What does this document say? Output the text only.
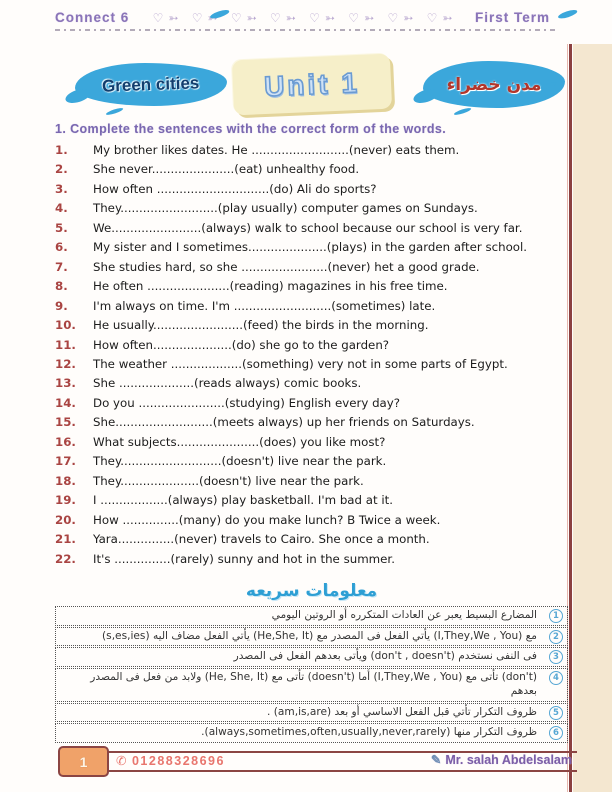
Connect 6 ♡➳ ♡➳ ♡➳ ♡➳ ♡➳ ♡➳ ♡➳ ♡➳ First Term
Green cities Unit 1	مدن خضراء
1. Complete the sentences with the correct form of the words.
1.	My brother likes dates. He ..........................(never) eats them.
2.	She never......................(eat) unhealthy food.
3.	How often ..............................(do) Ali do sports?
4.	They..........................(play usually) computer games on Sundays.
5.	We........................(always) walk to school because our school is very far.
6.	My sister and I sometimes.....................(plays) in the garden after school.
7.	She studies hard, so she .......................(never) het a good grade.
8.	He often ......................(reading) magazines in his free time.
9.	I'm always on time. I'm ..........................(sometimes) late.
10.	He usually........................(feed) the birds in the morning.
11.	How often.....................(do) she go to the garden?
12.	The weather ...................(something) very not in some parts of Egypt.
13.	She ....................(reads always) comic books.
14.	Do you .......................(studying) English every day?
15.	She..........................(meets always) up her friends on Saturdays.
16.	What subjects......................(does) you like most?
17.	They...........................(doesn't) live near the park.
18.	They.....................(doesn't) live near the park.
19.	I ..................(always) play basketball. I'm bad at it.
20.	How ...............(many) do you make lunch? B Twice a week.
21.	Yara...............(never) travels to Cairo. She once a month.
22.	It's ...............(rarely) sunny and hot in the summer.
معلومات سريعه
1
المضارع البسيط يعبر عن العادات المتكرره أو الروتين اليومي
2
مع (I,They,We , You) يأتي الفعل فى المصدر مع (He,She, It) يأتي الفعل مضاف اليه (s,es,ies)
3
فى النفى نستخدم (don't , doesn't) ويأتى بعدهم الفعل فى المصدر
4
(don't) تأتى مع (I,They,We , You) أما (doesn't) تأتى مع (He, She, It) ولابد من فعل فى المصدر بعدهم
5
ظروف التكرار تأتي قبل الفعل الاساسي أو بعد (am,is,are) .
6
ظروف التكرار منها (always,sometimes,often,usually,never,rarely).
1 ✆ 01288328696	✎ Mr. salah Abdelsalam
